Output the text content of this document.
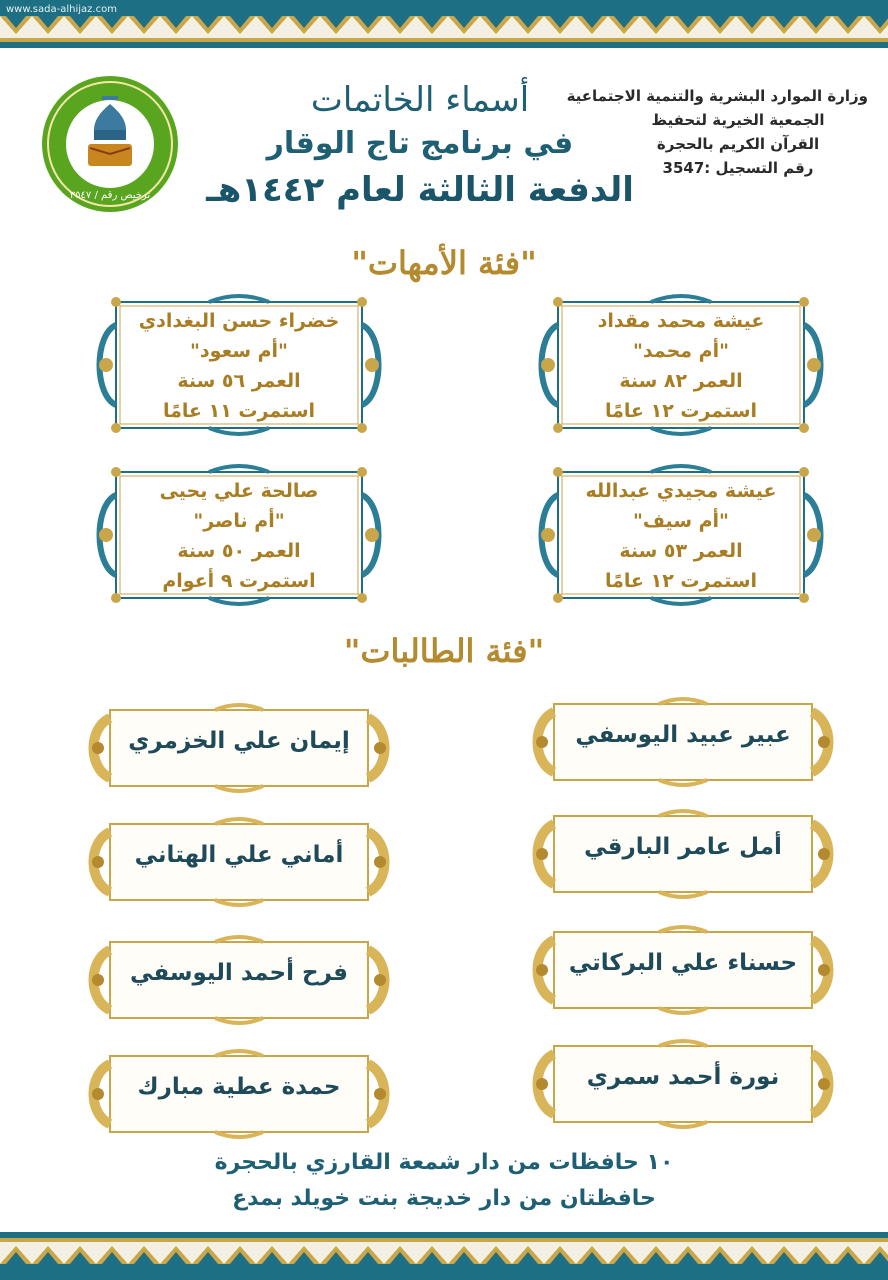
www.sada-alhijaz.com
ترخيص رقم / ٣٥٤٧
وزارة الموارد البشرية والتنمية الاجتماعية
الجمعية الخيرية لتحفيظ
القرآن الكريم بالحجرة
رقم التسجيل :3547
أسماء الخاتمات
في برنامج تاج الوقار
الدفعة الثالثة لعام ١٤٤٢هـ
"فئة الأمهات"
عيشة محمد مقداد
"أم محمد"
العمر ٨٢ سنة
استمرت ١٢ عامًا
خضراء حسن البغدادي
"أم سعود"
العمر ٥٦ سنة
استمرت ١١ عامًا
عيشة مجيدي عبدالله
"أم سيف"
العمر ٥٣ سنة
استمرت ١٢ عامًا
صالحة علي يحيى
"أم ناصر"
العمر ٥٠ سنة
استمرت ٩ أعوام
"فئة الطالبات"
عبير عبيد اليوسفي
إيمان علي الخزمري
أمل عامر البارقي
أماني علي الهتاني
حسناء علي البركاتي
فرح أحمد اليوسفي
نورة أحمد سمري
حمدة عطية مبارك
١٠ حافظات من دار شمعة القارزي بالحجرة
حافظتان من دار خديجة بنت خويلد بمدع
